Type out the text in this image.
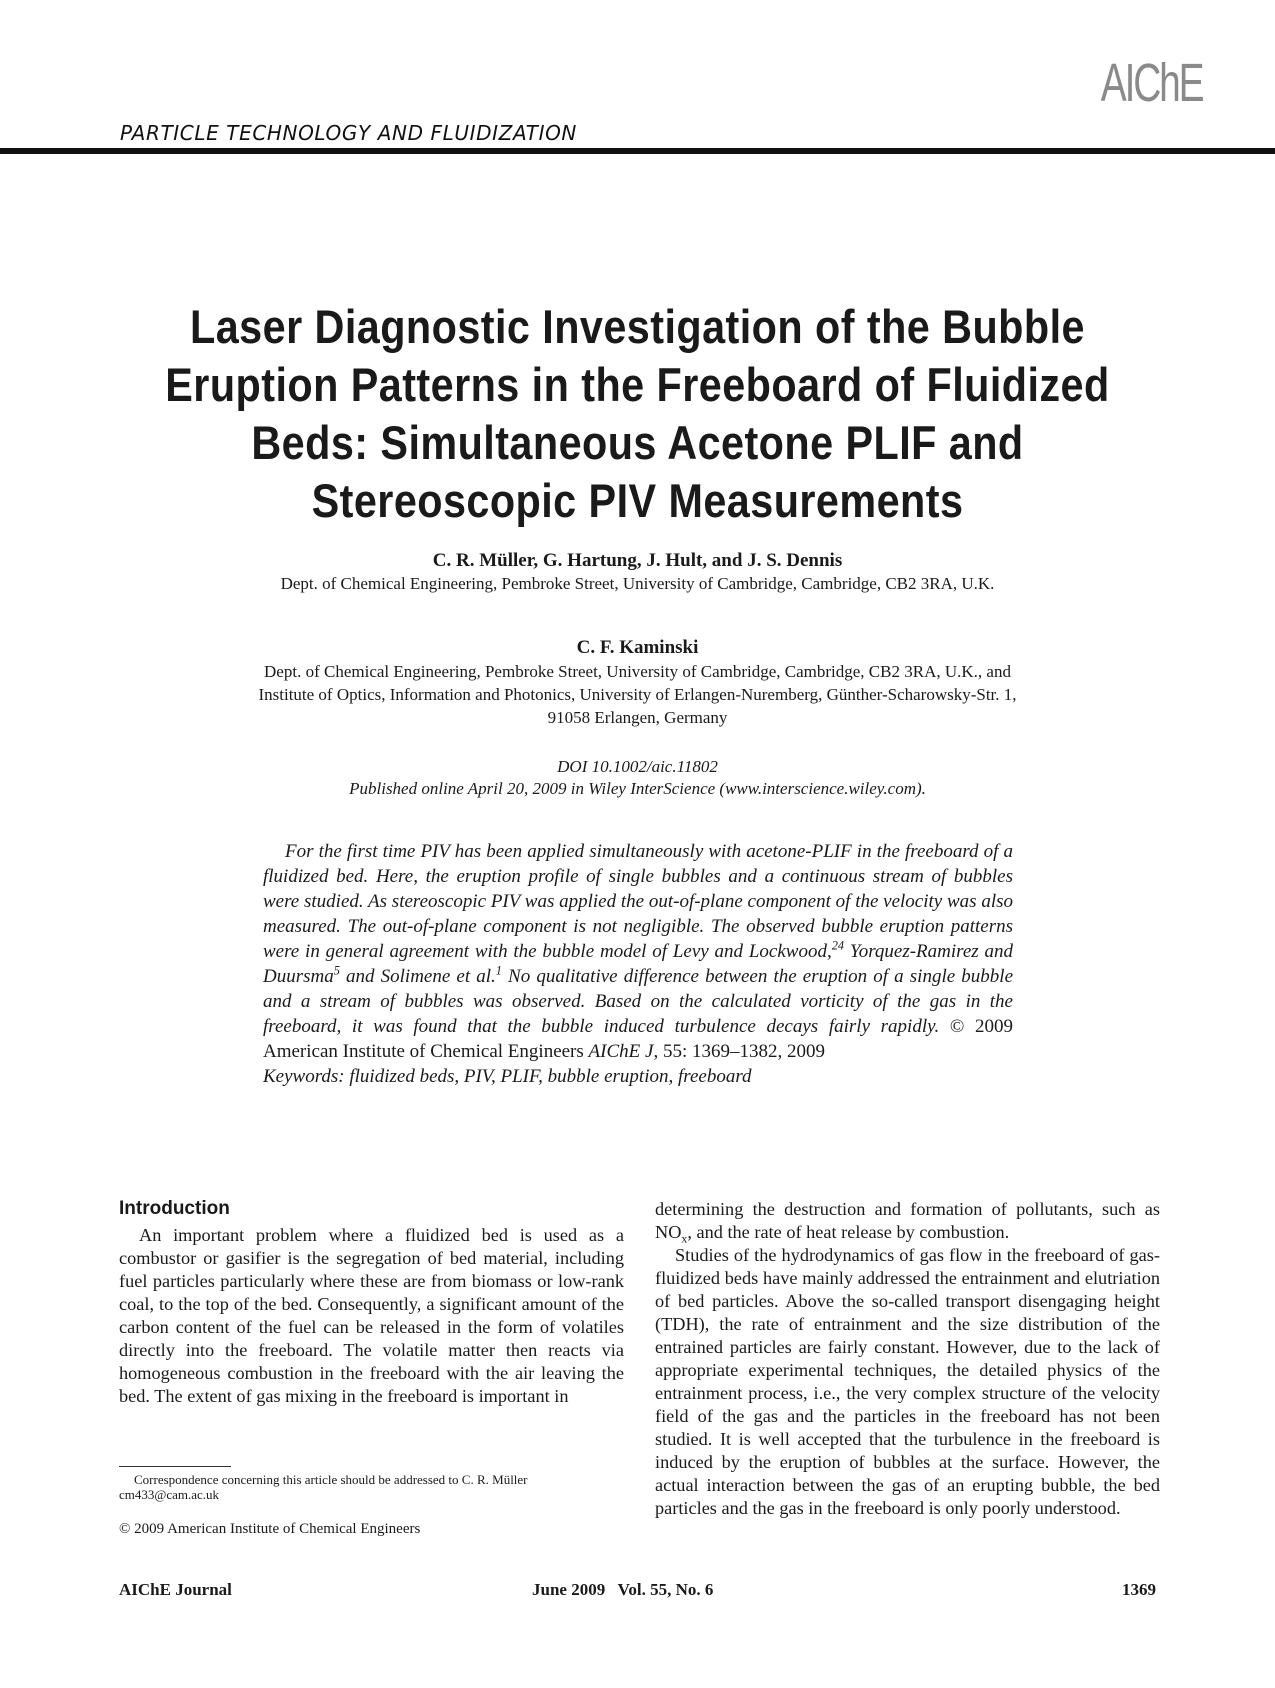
AIChE
PARTICLE TECHNOLOGY AND FLUIDIZATION
Laser Diagnostic Investigation of the Bubble
Eruption Patterns in the Freeboard of Fluidized
Beds: Simultaneous Acetone PLIF and
Stereoscopic PIV Measurements
C. R. Müller, G. Hartung, J. Hult, and J. S. Dennis
Dept. of Chemical Engineering, Pembroke Street, University of Cambridge, Cambridge, CB2 3RA, U.K.
C. F. Kaminski
Dept. of Chemical Engineering, Pembroke Street, University of Cambridge, Cambridge, CB2 3RA, U.K., and
Institute of Optics, Information and Photonics, University of Erlangen-Nuremberg, Günther-Scharowsky-Str. 1,
91058 Erlangen, Germany
DOI 10.1002/aic.11802
Published online April 20, 2009 in Wiley InterScience (www.interscience.wiley.com).
For the first time PIV has been applied simultaneously with acetone-PLIF in the freeboard of a fluidized bed. Here, the eruption profile of single bubbles and a continuous stream of bubbles were studied. As stereoscopic PIV was applied the out-of-plane component of the velocity was also measured. The out-of-plane component is not negligible. The observed bubble eruption patterns were in general agreement with the bubble model of Levy and Lockwood,$^{24}$ Yorquez-Ramirez and Duursma$^5$ and Solimene et al.$^1$ No qualitative difference between the eruption of a single bubble and a stream of bubbles was observed. Based on the calculated vorticity of the gas in the freeboard, it was found that the bubble induced turbulence decays fairly rapidly. © 2009 American Institute of Chemical Engineers AIChE J, 55: 1369–1382, 2009
Keywords: fluidized beds, PIV, PLIF, bubble eruption, freeboard
Introduction

An important problem where a fluidized bed is used as a combustor or gasifier is the segregation of bed material, including fuel particles particularly where these are from biomass or low-rank coal, to the top of the bed. Consequently, a significant amount of the carbon content of the fuel can be released in the form of volatiles directly into the freeboard. The volatile matter then reacts via homogeneous combustion in the freeboard with the air leaving the bed. The extent of gas mixing in the freeboard is important in

determining the destruction and formation of pollutants, such as $NO_x$, and the rate of heat release by combustion.

Studies of the hydrodynamics of gas flow in the freeboard of gas-fluidized beds have mainly addressed the entrainment and elutriation of bed particles. Above the so-called transport disengaging height (TDH), the rate of entrainment and the size distribution of the entrained particles are fairly constant. However, due to the lack of appropriate experimental techniques, the detailed physics of the entrainment process, i.e., the very complex structure of the velocity field of the gas and the particles in the freeboard has not been studied. It is well accepted that the turbulence in the freeboard is induced by the eruption of bubbles at the surface. However, the actual interaction between the gas of an erupting bubble, the bed particles and the gas in the freeboard is only poorly understood.

Correspondence concerning this article should be addressed to C. R. Müller
cm433@cam.ac.uk
© 2009 American Institute of Chemical Engineers
AIChE Journal	June 2009   Vol. 55, No. 6	1369
